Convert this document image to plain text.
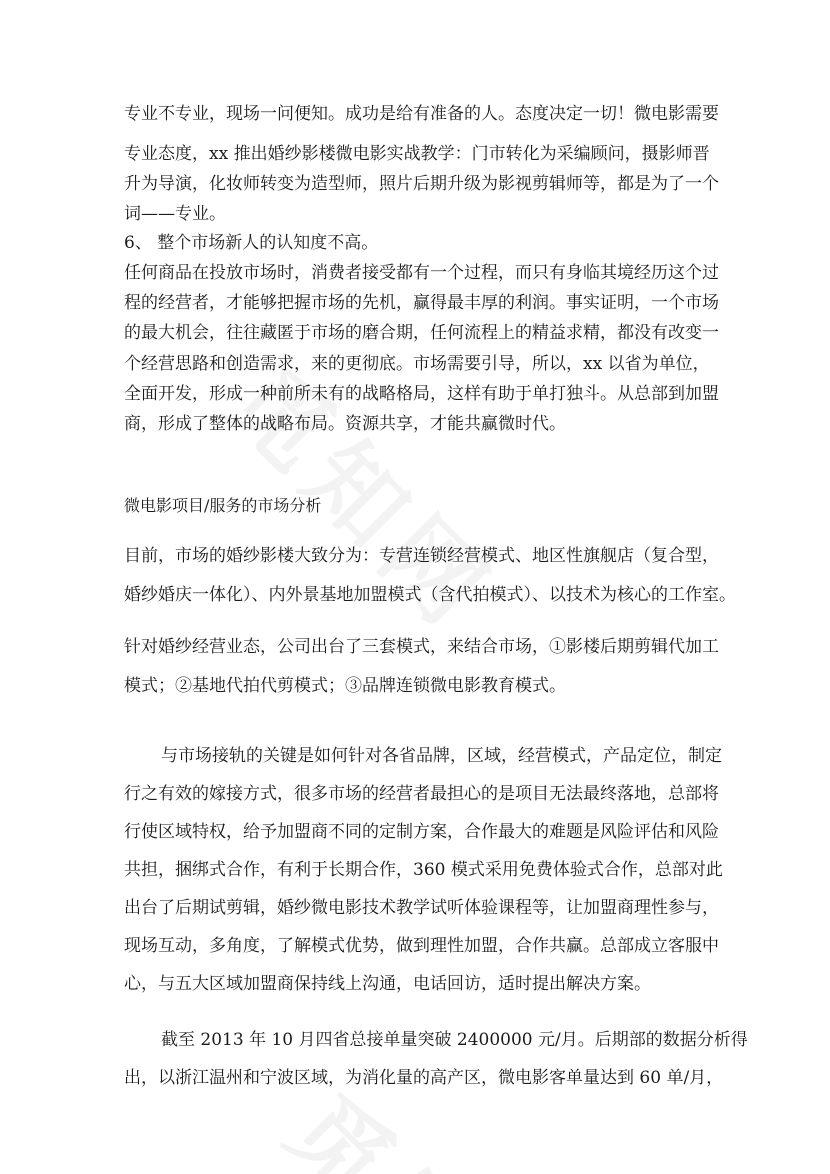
专业不专业，现场一问便知。成功是给有准备的人。态度决定一切！微电影需要
专业态度，xx 推出婚纱影楼微电影实战教学：门市转化为采编顾问，摄影师晋
升为导演，化妆师转变为造型师，照片后期升级为影视剪辑师等，都是为了一个
词——专业。
6、 整个市场新人的认知度不高。
任何商品在投放市场时，消费者接受都有一个过程，而只有身临其境经历这个过
程的经营者，才能够把握市场的先机，赢得最丰厚的利润。事实证明，一个市场
的最大机会，往往藏匿于市场的磨合期，任何流程上的精益求精，都没有改变一
个经营思路和创造需求，来的更彻底。市场需要引导，所以，xx 以省为单位，
全面开发，形成一种前所未有的战略格局，这样有助于单打独斗。从总部到加盟
商，形成了整体的战略布局。资源共享，才能共赢微时代。
微电影项目/服务的市场分析
目前，市场的婚纱影楼大致分为：专营连锁经营模式、地区性旗舰店（复合型，
婚纱婚庆一体化）、内外景基地加盟模式（含代拍模式）、以技术为核心的工作室。
针对婚纱经营业态，公司出台了三套模式，来结合市场，①影楼后期剪辑代加工
模式；②基地代拍代剪模式；③品牌连锁微电影教育模式。
与市场接轨的关键是如何针对各省品牌，区域，经营模式，产品定位，制定
行之有效的嫁接方式，很多市场的经营者最担心的是项目无法最终落地，总部将
行使区域特权，给予加盟商不同的定制方案，合作最大的难题是风险评估和风险
共担，捆绑式合作，有利于长期合作，360 模式采用免费体验式合作，总部对此
出台了后期试剪辑，婚纱微电影技术教学试听体验课程等，让加盟商理性参与，
现场互动，多角度，了解模式优势，做到理性加盟，合作共赢。总部成立客服中
心，与五大区域加盟商保持线上沟通，电话回访，适时提出解决方案。
截至 2013 年 10 月四省总接单量突破 2400000 元/月。后期部的数据分析得
出，以浙江温州和宁波区域，为消化量的高产区，微电影客单量达到 60 单/月，
